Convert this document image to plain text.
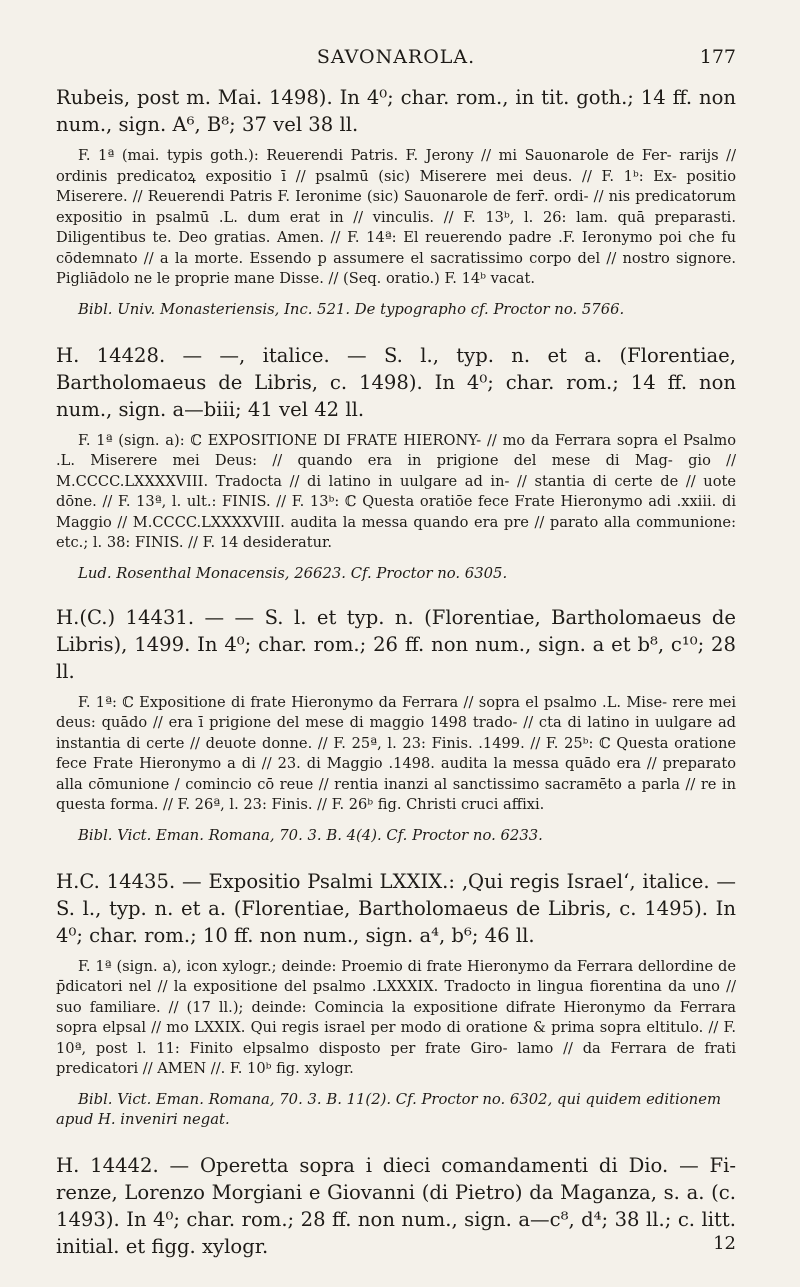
SAVONAROLA.	177

Rubeis, post m. Mai. 1498). In 4⁰; char. rom., in tit. goth.; 14 ff. non num., sign. A⁶, B⁸; 37 vel 38 ll.

F. 1ª (mai. typis goth.): Reuerendi Patris. F. Jerony // mi Sauonarole de Fer- rarijs // ordinis predicatoꝝ expositio ī // psalmū (sic) Miserere mei deus. // F. 1ᵇ: Ex- positio Miserere. // Reuerendi Patris F. Ieronime (sic) Sauonarole de ferr̄. ordi- // nis predicatorum expositio in psalmū .L. dum erat in // vinculis. // F. 13ᵇ, l. 26: lam. quā preparasti. Diligentibus te. Deo gratias. Amen. // F. 14ª: El reuerendo padre .F. Ieronymo poi che fu cōdemnato // a la morte. Essendo p assumere el sacratissimo corpo del // nostro signore. Pigliādolo ne le proprie mane Disse. // (Seq. oratio.) F. 14ᵇ vacat.

Bibl. Univ. Monasteriensis, Inc. 521. De typographo cf. Proctor no. 5766.

H. 14428. — —, italice. — S. l., typ. n. et a. (Florentiae, Bartholomaeus de Libris, c. 1498). In 4⁰; char. rom.; 14 ff. non num., sign. a—biii; 41 vel 42 ll.

F. 1ª (sign. a): ℂ EXPOSITIONE DI FRATE HIERONY- // mo da Ferrara sopra el Psalmo .L. Miserere mei Deus: // quando era in prigione del mese di Mag- gio // M.CCCC.LXXXXVIII. Tradocta // di latino in uulgare ad in- // stantia di certe de // uote dōne. // F. 13ª, l. ult.: FINIS. // F. 13ᵇ: ℂ Questa oratiōe fece Frate Hieronymo adi .xxiii. di Maggio // M.CCCC.LXXXXVIII. audita la messa quando era pre // parato alla communione: etc.; l. 38: FINIS. // F. 14 desideratur.

Lud. Rosenthal Monacensis, 26623. Cf. Proctor no. 6305.

H.(C.) 14431. — — S. l. et typ. n. (Florentiae, Bartholomaeus de Libris), 1499. In 4⁰; char. rom.; 26 ff. non num., sign. a et b⁸, c¹⁰; 28 ll.

F. 1ª: ℂ Expositione di frate Hieronymo da Ferrara // sopra el psalmo .L. Mise- rere mei deus: quādo // era ī prigione del mese di maggio 1498 trado- // cta di latino in uulgare ad instantia di certe // deuote donne. // F. 25ª, l. 23: Finis. .1499. // F. 25ᵇ: ℂ Questa oratione fece Frate Hieronymo a di // 23. di Maggio .1498. audita la messa quādo era // preparato alla cōmunione / comincio cō reue // rentia inanzi al sanctissimo sacramēto a parla // re in questa forma. // F. 26ª, l. 23: Finis. // F. 26ᵇ fig. Christi cruci affixi.

Bibl. Vict. Eman. Romana, 70. 3. B. 4(4). Cf. Proctor no. 6233.

H.C. 14435. — Expositio Psalmi LXXIX.: ‚Qui regis Israel‘, italice. — S. l., typ. n. et a. (Florentiae, Bartholomaeus de Libris, c. 1495). In 4⁰; char. rom.; 10 ff. non num., sign. a⁴, b⁶; 46 ll.

F. 1ª (sign. a), icon xylogr.; deinde: Proemio di frate Hieronymo da Ferrara dellordine de p̄dicatori nel // la expositione del psalmo .LXXXIX. Tradocto in lingua fiorentina da uno // suo familiare. // (17 ll.); deinde: Comincia la expositione difrate Hieronymo da Ferrara sopra elpsal // mo LXXIX. Qui regis israel per modo di oratione & prima sopra eltitulo. // F. 10ª, post l. 11: Finito elpsalmo disposto per frate Giro- lamo // da Ferrara de frati predicatori // AMEN //. F. 10ᵇ fig. xylogr.

Bibl. Vict. Eman. Romana, 70. 3. B. 11(2). Cf. Proctor no. 6302, qui quidem editionem apud H. inveniri negat.

H. 14442. — Operetta sopra i dieci comandamenti di Dio. — Fi- renze, Lorenzo Morgiani e Giovanni (di Pietro) da Maganza, s. a. (c. 1493). In 4⁰; char. rom.; 28 ff. non num., sign. a—c⁸, d⁴; 38 ll.; c. litt. initial. et figg. xylogr.	12
